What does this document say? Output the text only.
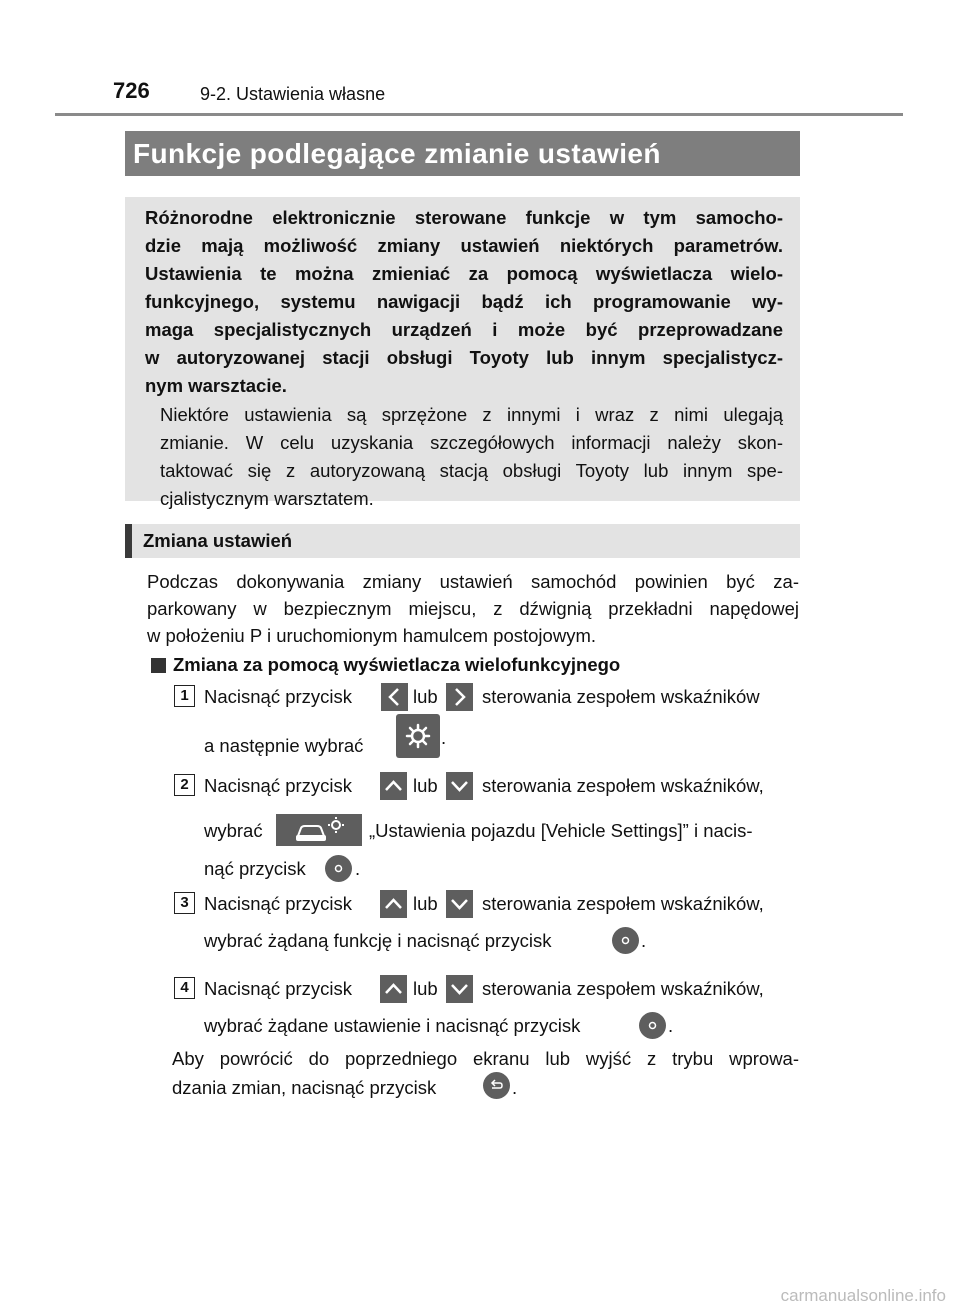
726	9-2. Ustawienia własne
Funkcje podlegające zmianie ustawień
Różnorodne elektronicznie sterowane funkcje w tym samocho-
dzie mają możliwość zmiany ustawień niektórych parametrów.
Ustawienia te można zmieniać za pomocą wyświetlacza wielo-
funkcyjnego, systemu nawigacji bądź ich programowanie wy-
maga specjalistycznych urządzeń i może być przeprowadzane
w autoryzowanej stacji obsługi Toyoty lub innym specjalistycz-
nym warsztacie.
Niektóre ustawienia są sprzężone z innymi i wraz z nimi ulegają
zmianie. W celu uzyskania szczegółowych informacji należy skon-
taktować się z autoryzowaną stacją obsługi Toyoty lub innym spe-
cjalistycznym warsztatem.
Zmiana ustawień
Podczas dokonywania zmiany ustawień samochód powinien być za-
parkowany w bezpiecznym miejscu, z dźwignią przekładni napędowej
w położeniu P i uruchomionym hamulcem postojowym.
Zmiana za pomocą wyświetlacza wielofunkcyjnego
1 Nacisnąć przycisk	lub sterowania zespołem wskaźników
a następnie wybrać	.
2 Nacisnąć przycisk	lub sterowania zespołem wskaźników,
wybrać	„Ustawienia pojazdu [Vehicle Settings]” i nacis-
nąć przycisk	.
3 Nacisnąć przycisk	lub sterowania zespołem wskaźników,
wybrać żądaną funkcję i nacisnąć przycisk	.
4 Nacisnąć przycisk	lub sterowania zespołem wskaźników,
wybrać żądane ustawienie i nacisnąć przycisk	.
Aby powrócić do poprzedniego ekranu lub wyjść z trybu wprowa-
dzania zmian, nacisnąć przycisk	.
carmanualsonline.info
